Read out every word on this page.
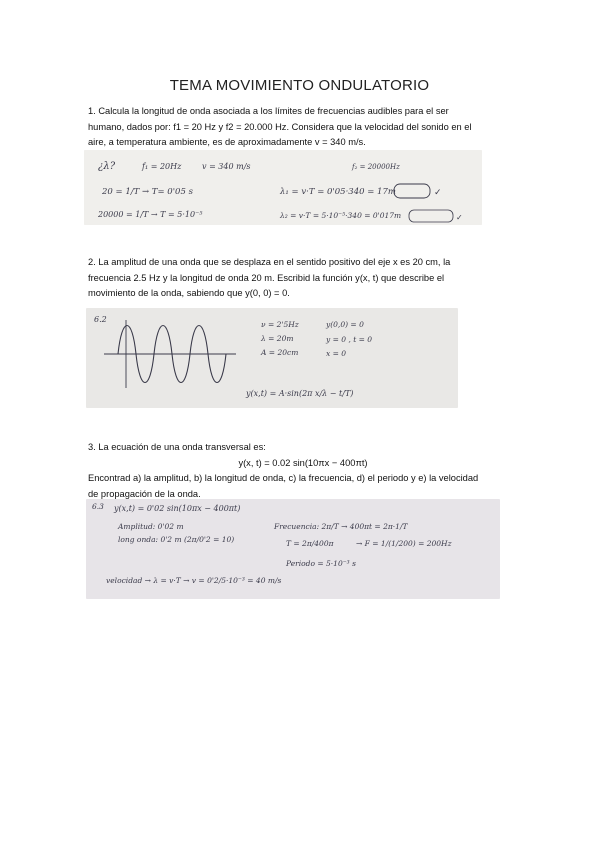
TEMA MOVIMIENTO ONDULATORIO
1. Calcula la longitud de onda asociada a los límites de frecuencias audibles para el ser
humano, dados por: f1 = 20 Hz y f2 = 20.000 Hz. Considera que la velocidad del sonido en el
aire, a temperatura ambiente, es de aproximadamente v = 340 m/s.
¿λ?	f₁ = 20Hz	v = 340 m/s	f₂ = 20000Hz
20 = 1/T → T= 0'05 s	λ₁ = v·T = 0'05·340 = 17m	✓
20000 = 1/T → T = 5·10⁻⁵	λ₂ = v·T = 5·10⁻⁵·340 = 0'017m	✓
2. La amplitud de una onda que se desplaza en el sentido positivo del eje x es 20 cm, la
frecuencia 2.5 Hz y la longitud de onda 20 m. Escribid la función y(x, t) que describe el
movimiento de la onda, sabiendo que y(0, 0) = 0.
6.2
ν = 2'5Hz
λ = 20m
A = 20cm
y(0,0) = 0
y = 0 , t = 0
x = 0
y(x,t) = A·sin(2π x/λ − t/T)
3. La ecuación de una onda transversal es:
y(x, t) = 0.02 sin(10πx − 400πt)
Encontrad a) la amplitud, b) la longitud de onda, c) la frecuencia, d) el periodo y e) la velocidad
de propagación de la onda.
6.3 y(x,t) = 0'02 sin(10πx − 400πt)
Amplitud: 0'02 m
long onda: 0'2 m (2π/0'2 = 10)
Frecuencia: 2π/T → 400πt = 2π·1/T
T = 2π/400π	→ F = 1/(1/200) = 200Hz
Periodo = 5·10⁻³ s
velocidad → λ = v·T → v = 0'2/5·10⁻³ = 40 m/s
